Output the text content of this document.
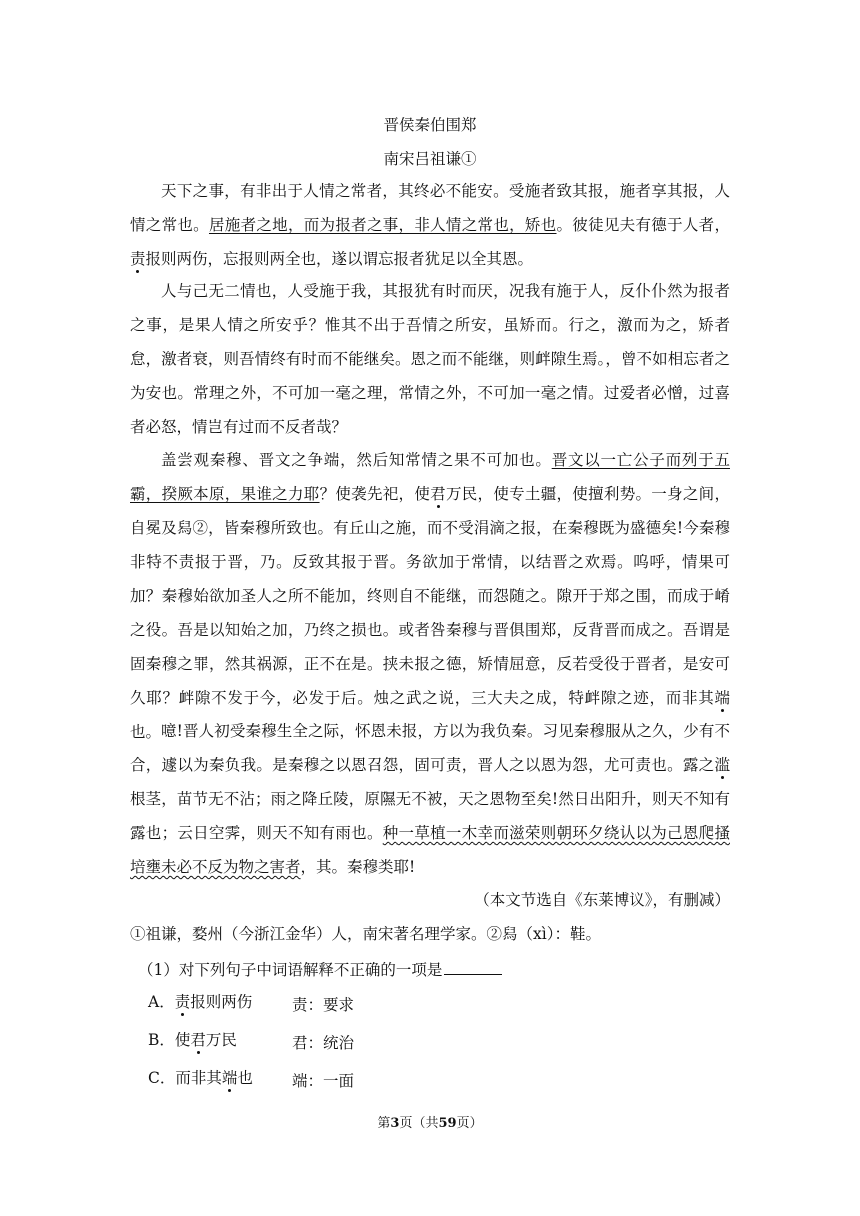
晋侯秦伯围郑
南宋吕祖谦①
天下之事，有非出于人情之常者，其终必不能安。受施者致其报，施者享其报，人情之常也。居施者之地，而为报者之事，非人情之常也，矫也。彼徒见夫有德于人者，责报则两伤，忘报则两全也，遂以谓忘报者犹足以全其恩。
人与己无二情也，人受施于我，其报犹有时而厌，况我有施于人，反仆仆然为报者之事，是果人情之所安乎？惟其不出于吾情之所安，虽矫而。行之，激而为之，矫者怠，激者衰，则吾情终有时而不能继矣。恩之而不能继，则衅隙生焉。，曾不如相忘者之为安也。常理之外，不可加一毫之理，常情之外，不可加一毫之情。过爱者必憎，过喜者必怒，情岂有过而不反者哉？
盖尝观秦穆、晋文之争端，然后知常情之果不可加也。晋文以一亡公子而列于五霸，揆厥本原，果谁之力耶？使袭先祀，使君万民，使专土疆，使擅利势。一身之间，自冕及舄②，皆秦穆所致也。有丘山之施，而不受涓滴之报，在秦穆既为盛德矣!今秦穆非特不责报于晋，乃。反致其报于晋。务欲加于常情，以结晋之欢焉。呜呼，情果可加？秦穆始欲加圣人之所不能加，终则自不能继，而怨随之。隙开于郑之围，而成于崤之役。吾是以知始之加，乃终之损也。或者咎秦穆与晋俱围郑，反背晋而成之。吾谓是固秦穆之罪，然其祸源，正不在是。挟未报之德，矫情屈意，反若受役于晋者，是安可久耶？衅隙不发于今，必发于后。烛之武之说，三大夫之成，特衅隙之迹，而非其端也。 噫!晋人初受秦穆生全之际，怀恩未报，方以为我负秦。习见秦穆服从之久，少有不合，遽以为秦负我。是秦穆之以恩召怨，固可责，晋人之以恩为怨，尤可责也。露之滥根茎，苗节无不沾；雨之降丘陵，原隰无不被，天之恩物至矣!然日出阳升，则天不知有露也；云日空霁，则天不知有雨也。种一草植一木幸而滋荣则朝环夕绕认以为己恩爬搔培壅未必不反为物之害者，其。秦穆类耶!
（本文节选自《东莱博议》，有删减）
①祖谦，婺州（今浙江金华）人，南宋著名理学家。②舄（xì）：鞋。
（1）对下列句子中词语解释不正确的一项是
A．责报则两伤	责：要求
B．使君万民	君：统治
C．而非其端也	端：一面
第3页（共59页）
